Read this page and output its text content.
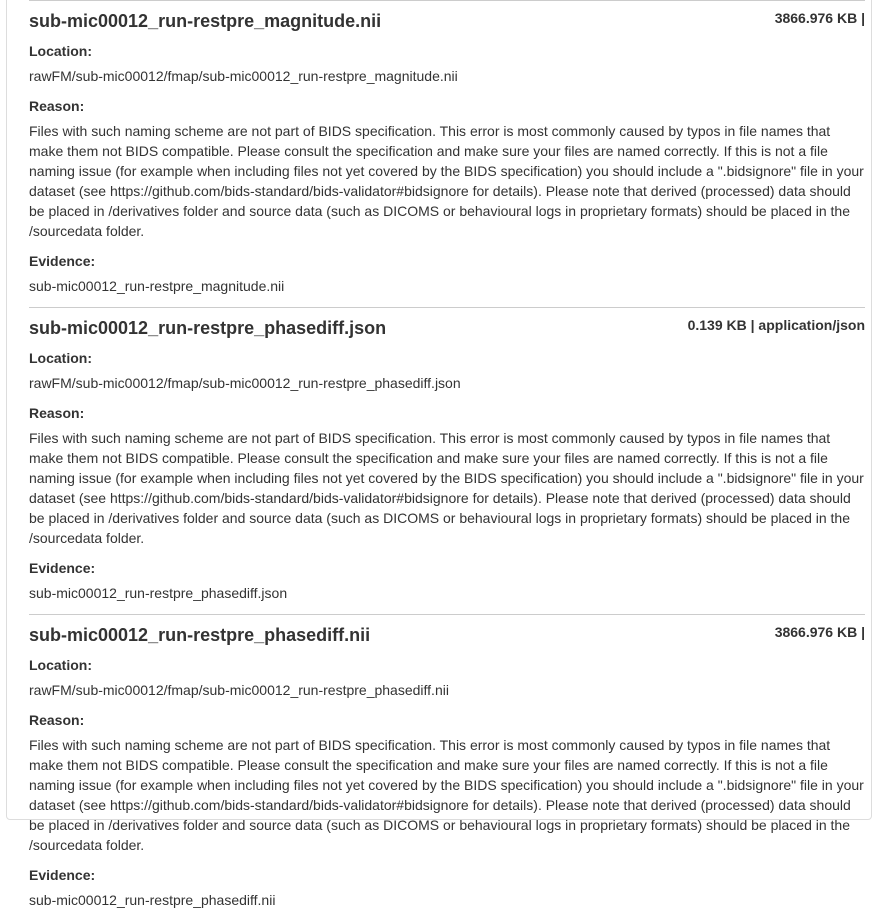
sub-mic00012_run-restpre_magnitude.nii	3866.976 KB |
Location:
rawFM/sub-mic00012/fmap/sub-mic00012_run-restpre_magnitude.nii
Reason:
Files with such naming scheme are not part of BIDS specification. This error is most commonly caused by typos in file names that make them not BIDS compatible. Please consult the specification and make sure your files are named correctly. If this is not a file naming issue (for example when including files not yet covered by the BIDS specification) you should include a ".bidsignore" file in your dataset (see https://github.com/bids-standard/bids-validator#bidsignore for details). Please note that derived (processed) data should be placed in /derivatives folder and source data (such as DICOMS or behavioural logs in proprietary formats) should be placed in the /sourcedata folder.
Evidence:
sub-mic00012_run-restpre_magnitude.nii
sub-mic00012_run-restpre_phasediff.json	0.139 KB | application/json
Location:
rawFM/sub-mic00012/fmap/sub-mic00012_run-restpre_phasediff.json
Reason:
Files with such naming scheme are not part of BIDS specification. This error is most commonly caused by typos in file names that make them not BIDS compatible. Please consult the specification and make sure your files are named correctly. If this is not a file naming issue (for example when including files not yet covered by the BIDS specification) you should include a ".bidsignore" file in your dataset (see https://github.com/bids-standard/bids-validator#bidsignore for details). Please note that derived (processed) data should be placed in /derivatives folder and source data (such as DICOMS or behavioural logs in proprietary formats) should be placed in the /sourcedata folder.
Evidence:
sub-mic00012_run-restpre_phasediff.json
sub-mic00012_run-restpre_phasediff.nii	3866.976 KB |
Location:
rawFM/sub-mic00012/fmap/sub-mic00012_run-restpre_phasediff.nii
Reason:
Files with such naming scheme are not part of BIDS specification. This error is most commonly caused by typos in file names that make them not BIDS compatible. Please consult the specification and make sure your files are named correctly. If this is not a file naming issue (for example when including files not yet covered by the BIDS specification) you should include a ".bidsignore" file in your dataset (see https://github.com/bids-standard/bids-validator#bidsignore for details). Please note that derived (processed) data should be placed in /derivatives folder and source data (such as DICOMS or behavioural logs in proprietary formats) should be placed in the /sourcedata folder.
Evidence:
sub-mic00012_run-restpre_phasediff.nii
